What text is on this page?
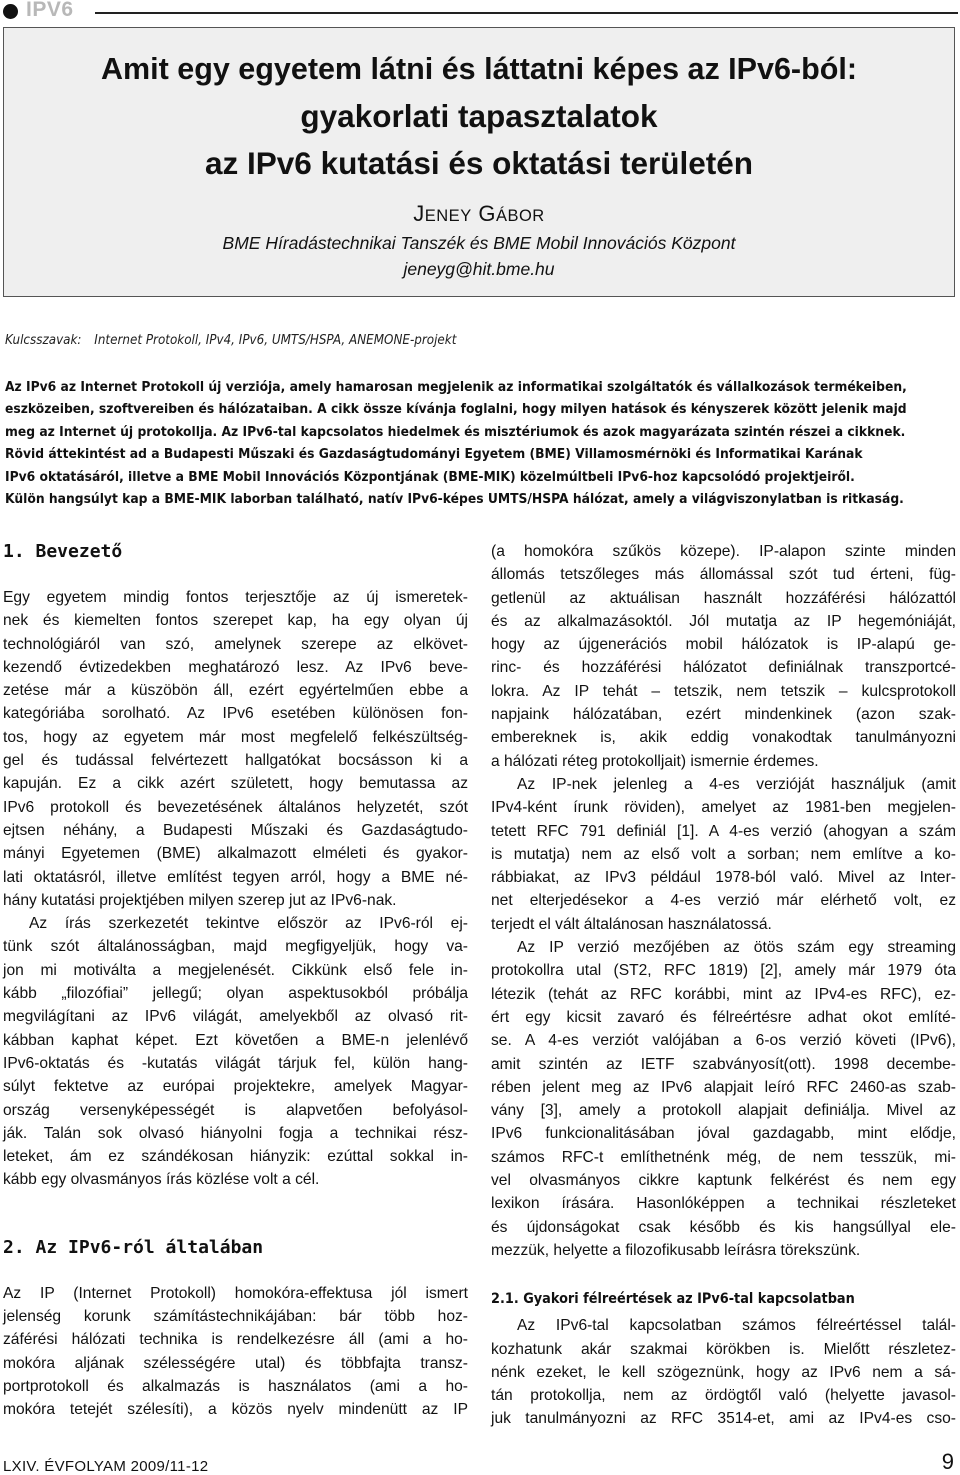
IPV6
Amit egy egyetem látni és láttatni képes az IPv6-ból:
gyakorlati tapasztalatok
az IPv6 kutatási és oktatási területén
JENEY GÁBOR
BME Híradástechnikai Tanszék és BME Mobil Innovációs Központ
jeneyg@hit.bme.hu
Kulcsszavak: Internet Protokoll, IPv4, IPv6, UMTS/HSPA, ANEMONE-projekt
Az IPv6 az Internet Protokoll új verziója, amely hamarosan megjelenik az informatikai szolgáltatók és vállalkozások termékeiben,
eszközeiben, szoftvereiben és hálózataiban. A cikk össze kívánja foglalni, hogy milyen hatások és kényszerek között jelenik majd
meg az Internet új protokollja. Az IPv6-tal kapcsolatos hiedelmek és misztériumok és azok magyarázata szintén részei a cikknek.
Rövid áttekintést ad a Budapesti Műszaki és Gazdaságtudományi Egyetem (BME) Villamosmérnöki és Informatikai Karának
IPv6 oktatásáról, illetve a BME Mobil Innovációs Központjának (BME-MIK) közelmúltbeli IPv6-hoz kapcsolódó projektjeiről.
Külön hangsúlyt kap a BME-MIK laborban található, natív IPv6-képes UMTS/HSPA hálózat, amely a világviszonylatban is ritkaság.
1. Bevezető
Egy egyetem mindig fontos terjesztője az új ismeretek-
nek és kiemelten fontos szerepet kap, ha egy olyan új
technológiáról van szó, amelynek szerepe az elkövet-
kezendő évtizedekben meghatározó lesz. Az IPv6 beve-
zetése már a küszöbön áll, ezért egyértelműen ebbe a
kategóriába sorolható. Az IPv6 esetében különösen fon-
tos, hogy az egyetem már most megfelelő felkészültség-
gel és tudással felvértezett hallgatókat bocsásson ki a
kapuján. Ez a cikk azért született, hogy bemutassa az
IPv6 protokoll és bevezetésének általános helyzetét, szót
ejtsen néhány, a Budapesti Műszaki és Gazdaságtudo-
mányi Egyetemen (BME) alkalmazott elméleti és gyakor-
lati oktatásról, illetve említést tegyen arról, hogy a BME né-
hány kutatási projektjében milyen szerep jut az IPv6-nak.
Az írás szerkezetét tekintve először az IPv6-ról ej-
tünk szót általánosságban, majd megfigyeljük, hogy va-
jon mi motiválta a megjelenését. Cikkünk első fele in-
kább „filozófiai” jellegű; olyan aspektusokból próbálja
megvilágítani az IPv6 világát, amelyekből az olvasó rit-
kábban kaphat képet. Ezt követően a BME-n jelenlévő
IPv6-oktatás és -kutatás világát tárjuk fel, külön hang-
súlyt fektetve az európai projektekre, amelyek Magyar-
ország versenyképességét is alapvetően befolyásol-
ják. Talán sok olvasó hiányolni fogja a technikai rész-
leteket, ám ez szándékosan hiányzik: ezúttal sokkal in-
kább egy olvasmányos írás közlése volt a cél.
2. Az IPv6-ról általában
Az IP (Internet Protokoll) homokóra-effektusa jól ismert
jelenség korunk számítástechnikájában: bár több hoz-
záférési hálózati technika is rendelkezésre áll (ami a ho-
mokóra aljának szélességére utal) és többfajta transz-
portprotokoll és alkalmazás is használatos (ami a ho-
mokóra tetejét szélesíti), a közös nyelv mindenütt az IP
(a homokóra szűkös közepe). IP-alapon szinte minden
állomás tetszőleges más állomással szót tud érteni, füg-
getlenül az aktuálisan használt hozzáférési hálózattól
és az alkalmazásoktól. Jól mutatja az IP hegemóniáját,
hogy az újgenerációs mobil hálózatok is IP-alapú ge-
rinc- és hozzáférési hálózatot definiálnak transzportcé-
lokra. Az IP tehát – tetszik, nem tetszik – kulcsprotokoll
napjaink hálózatában, ezért mindenkinek (azon szak-
embereknek is, akik eddig vonakodtak tanulmányozni
a hálózati réteg protokolljait) ismernie érdemes.
Az IP-nek jelenleg a 4-es verzióját használjuk (amit
IPv4-ként írunk röviden), amelyet az 1981-ben megjelen-
tetett RFC 791 definiál [1]. A 4-es verzió (ahogyan a szám
is mutatja) nem az első volt a sorban; nem említve a ko-
rábbiakat, az IPv3 például 1978-ból való. Mivel az Inter-
net elterjedésekor a 4-es verzió már elérhető volt, ez
terjedt el vált általánosan használatossá.
Az IP verzió mezőjében az ötös szám egy streaming
protokollra utal (ST2, RFC 1819) [2], amely már 1979 óta
létezik (tehát az RFC korábbi, mint az IPv4-es RFC), ez-
ért egy kicsit zavaró és félreértésre adhat okot említé-
se. A 4-es verziót valójában a 6-os verzió követi (IPv6),
amit szintén az IETF szabványosít(ott). 1998 decembe-
rében jelent meg az IPv6 alapjait leíró RFC 2460-as szab-
vány [3], amely a protokoll alapjait definiálja. Mivel az
IPv6 funkcionalitásában jóval gazdagabb, mint elődje,
számos RFC-t említhetnénk még, de nem tesszük, mi-
vel olvasmányos cikkre kaptunk felkérést és nem egy
lexikon írására. Hasonlóképpen a technikai részleteket
és újdonságokat csak később és kis hangsúllyal ele-
mezzük, helyette a filozofikusabb leírásra törekszünk.
2.1. Gyakori félreértések az IPv6-tal kapcsolatban
Az IPv6-tal kapcsolatban számos félreértéssel talál-
kozhatunk akár szakmai körökben is. Mielőtt részletez-
nénk ezeket, le kell szögeznünk, hogy az IPv6 nem a sá-
tán protokollja, nem az ördögtől való (helyette javasol-
juk tanulmányozni az RFC 3514-et, ami az IPv4-es cso-
LXIV. ÉVFOLYAM 2009/11-12	9
